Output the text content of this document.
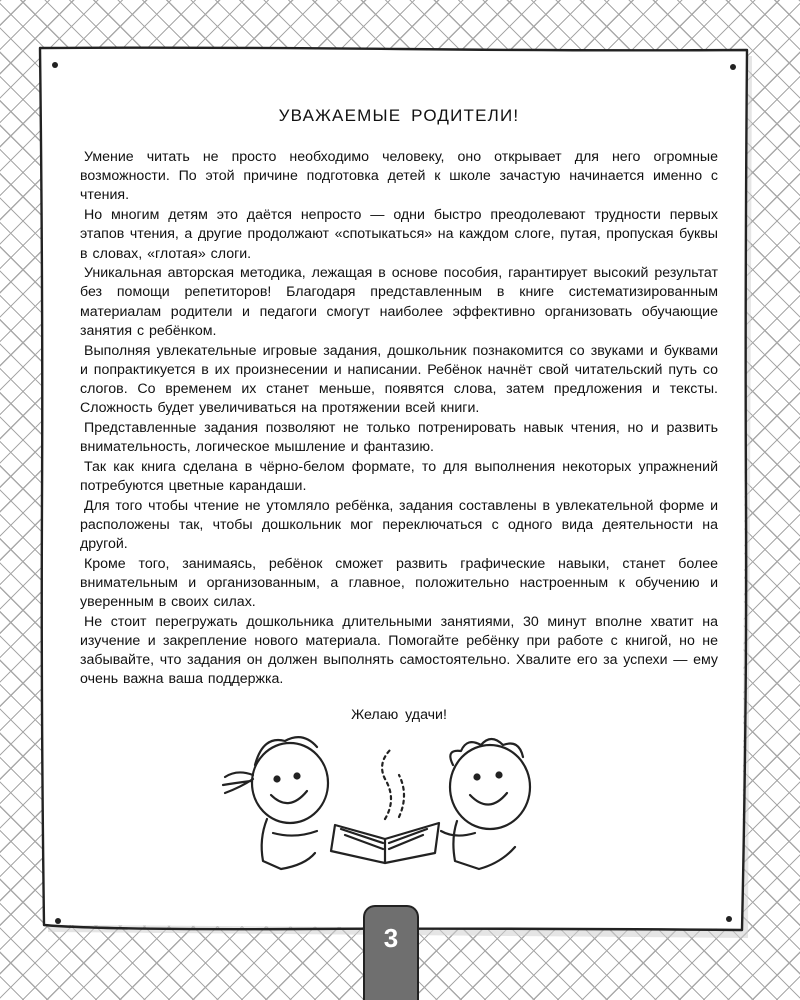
УВАЖАЕМЫЕ РОДИТЕЛИ!

Умение читать не просто необходимо человеку, оно открывает для него огромные возможности. По этой причине подготовка детей к школе зачастую начинается именно с чтения.

Но многим детям это даётся непросто — одни быстро преодолевают трудности первых этапов чтения, а другие продолжают «спотыкаться» на каждом слоге, путая, пропуская буквы в словах, «глотая» слоги.

Уникальная авторская методика, лежащая в основе пособия, гарантирует высокий результат без помощи репетиторов! Благодаря представленным в книге систематизированным материалам родители и педагоги смогут наиболее эффективно организовать обучающие занятия с ребёнком.

Выполняя увлекательные игровые задания, дошкольник познакомится со звуками и буквами и попрактикуется в их произнесении и написании. Ребёнок начнёт свой читательский путь со слогов. Со временем их станет меньше, появятся слова, затем предложения и тексты. Сложность будет увеличиваться на протяжении всей книги.

Представленные задания позволяют не только потренировать навык чтения, но и развить внимательность, логическое мышление и фантазию.

Так как книга сделана в чёрно-белом формате, то для выполнения некоторых упражнений потребуются цветные карандаши.

Для того чтобы чтение не утомляло ребёнка, задания составлены в увлекательной форме и расположены так, чтобы дошкольник мог переключаться с одного вида деятельности на другой.

Кроме того, занимаясь, ребёнок сможет развить графические навыки, станет более внимательным и организованным, а главное, положительно настроенным к обучению и уверенным в своих силах.

Не стоит перегружать дошкольника длительными занятиями, 30 минут вполне хватит на изучение и закрепление нового материала. Помогайте ребёнку при работе с книгой, но не забывайте, что задания он должен выполнять самостоятельно. Хвалите его за успехи — ему очень важна ваша поддержка.

Желаю удачи!
3
